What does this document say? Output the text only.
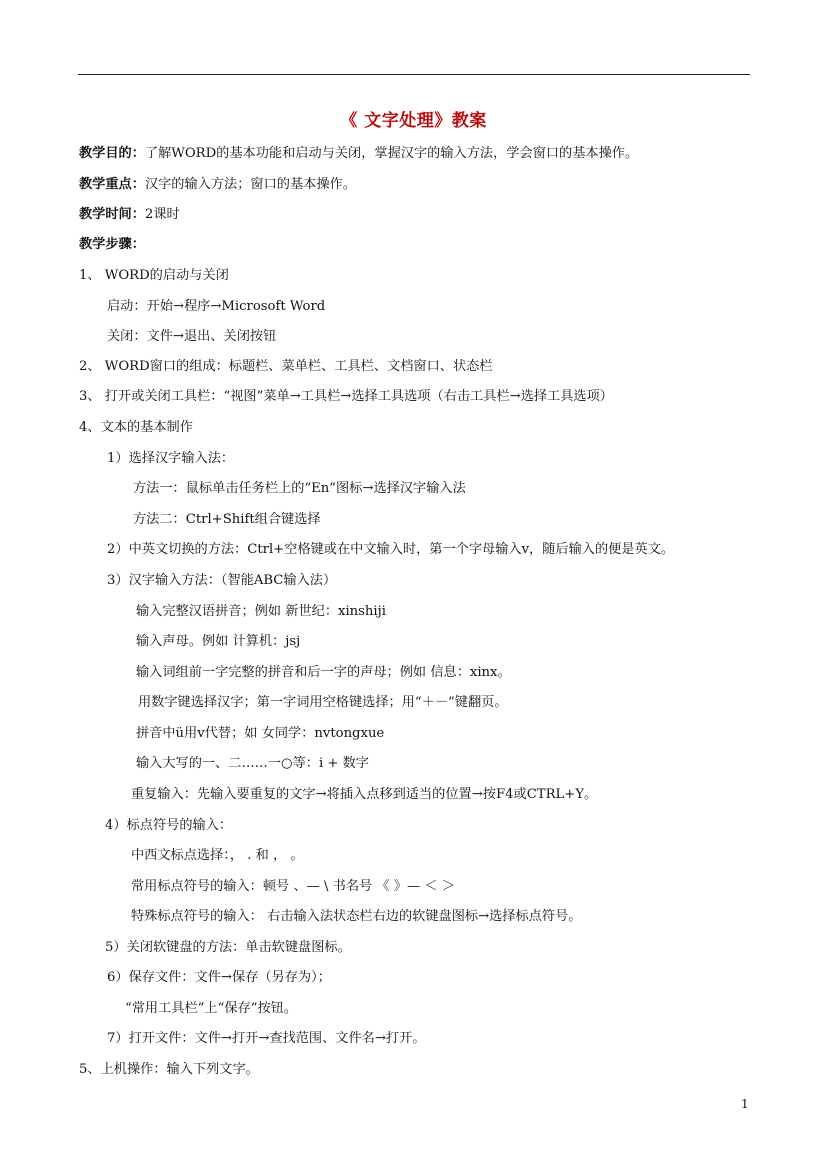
《 文字处理》教案
教学目的：了解WORD的基本功能和启动与关闭，掌握汉字的输入方法，学会窗口的基本操作。
教学重点：汉字的输入方法；窗口的基本操作。
教学时间：2课时
教学步骤：
1、 WORD的启动与关闭
启动：开始→程序→Microsoft Word
关闭：文件→退出、关闭按钮
2、 WORD窗口的组成：标题栏、菜单栏、工具栏、文档窗口、状态栏
3、 打开或关闭工具栏：“视图”菜单→工具栏→选择工具选项（右击工具栏→选择工具选项）
4、文本的基本制作
1）选择汉字输入法：
方法一：鼠标单击任务栏上的“En”图标→选择汉字输入法
方法二：Ctrl+Shift组合键选择
2）中英文切换的方法：Ctrl+空格键或在中文输入时，第一个字母输入v，随后输入的便是英文。
3）汉字输入方法：（智能ABC输入法）
输入完整汉语拼音；例如 新世纪：xinshiji
输入声母。例如 计算机：jsj
输入词组前一字完整的拼音和后一字的声母；例如 信息：xinx。
用数字键选择汉字；第一字词用空格键选择；用“＋－”键翻页。
拼音中ü用v代替；如 女同学：nvtongxue
输入大写的一、二……一○等：i + 数字
重复输入：先输入要重复的文字→将插入点移到适当的位置→按F4或CTRL+Y。
4）标点符号的输入：
中西文标点选择：， . 和 ， 。
常用标点符号的输入：顿号 、— \ 书名号 《 》— ＜ ＞
特殊标点符号的输入： 右击输入法状态栏右边的软键盘图标→选择标点符号。
5）关闭软键盘的方法：单击软键盘图标。
6）保存文件：文件→保存（另存为）；
“常用工具栏”上“保存”按钮。
7）打开文件：文件→打开→查找范围、文件名→打开。
5、上机操作：输入下列文字。
1
